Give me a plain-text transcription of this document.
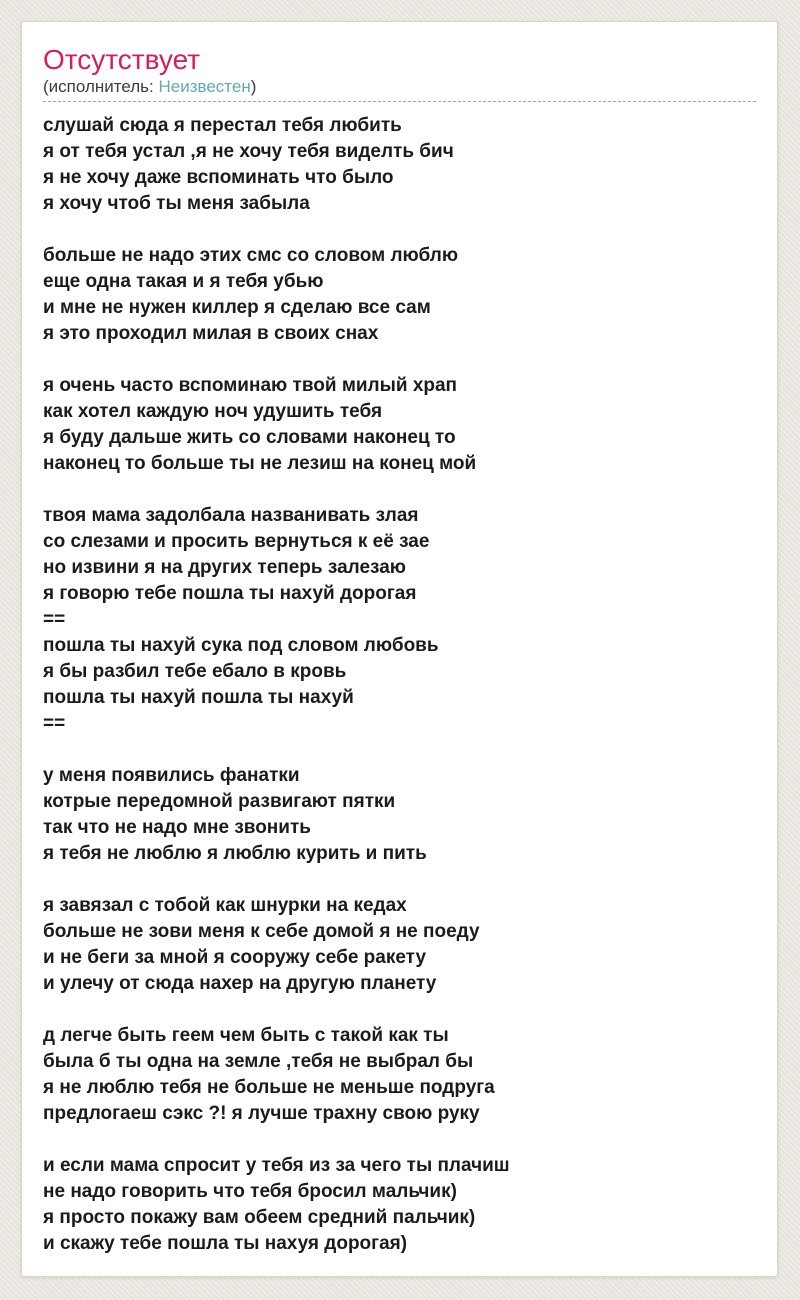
Отсутствует
(исполнитель: Неизвестен)
слушай сюда я перестал тебя любить
я от тебя устал ,я не хочу тебя виделть бич
я не хочу даже вспоминать что было
я хочу чтоб ты меня забыла
больше не надо этих смс со словом люблю
еще одна такая и я тебя убью
и мне не нужен киллер я сделаю все сам
я это проходил милая в своих снах
я очень часто вспоминаю твой милый храп
как хотел каждую ноч удушить тебя
я буду дальше жить со словами наконец то
наконец то больше ты не лезиш на конец мой
твоя мама задолбала названивать злая
со слезами и просить вернуться к её зае
но извини я на других теперь залезаю
я говорю тебе пошла ты нахуй дорогая
==
пошла ты нахуй сука под словом любовь
я бы разбил тебе ебало в кровь
пошла ты нахуй пошла ты нахуй
==
у меня появились фанатки
котрые передомной развигают пятки
так что не надо мне звонить
я тебя не люблю я люблю курить и пить
я завязал с тобой как шнурки на кедах
больше не зови меня к себе домой я не поеду
и не беги за мной я сооружу себе ракету
и улечу от сюда нахер на другую планету
д легче быть геем чем быть с такой как ты
была б ты одна на земле ,тебя не выбрал бы
я не люблю тебя не больше не меньше подруга
предлогаеш сэкс ?! я лучше трахну свою руку
и если мама спросит у тебя из за чего ты плачиш
не надо говорить что тебя бросил мальчик)
я просто покажу вам обеем средний пальчик)
и скажу тебе пошла ты нахуя дорогая)
